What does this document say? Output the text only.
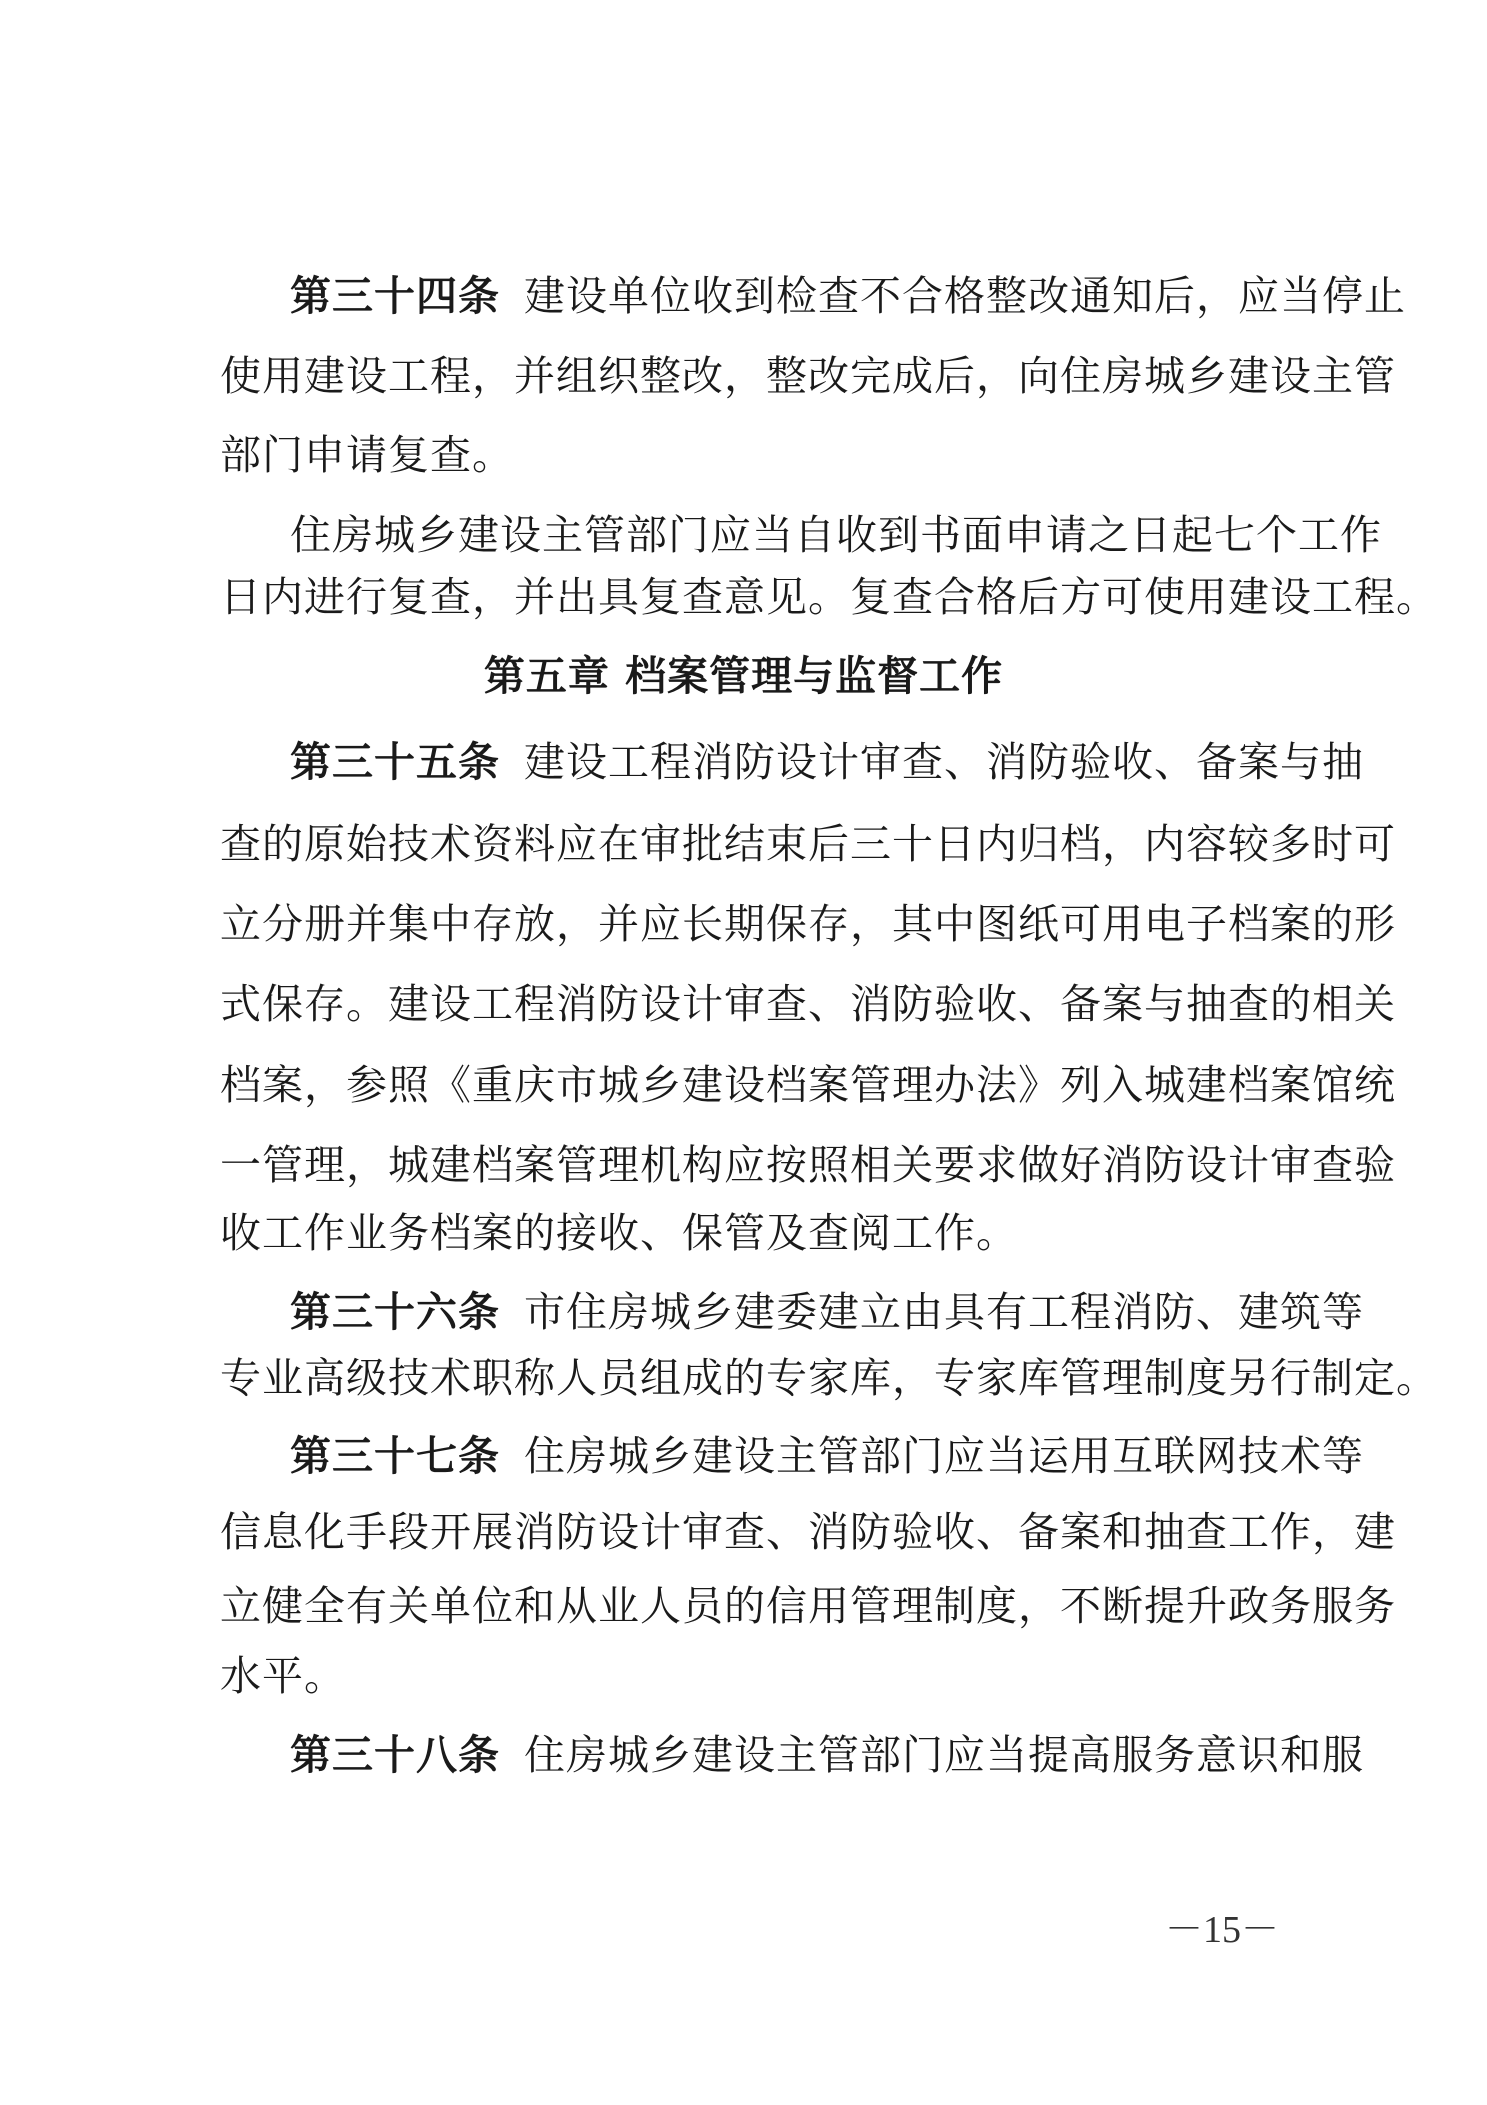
第三十四条 建设单位收到检查不合格整改通知后，应当停止
使用建设工程，并组织整改，整改完成后，向住房城乡建设主管
部门申请复查。
住房城乡建设主管部门应当自收到书面申请之日起七个工作
日内进行复查，并出具复查意见。复查合格后方可使用建设工程。
第五章 档案管理与监督工作
第三十五条 建设工程消防设计审查、消防验收、备案与抽
查的原始技术资料应在审批结束后三十日内归档，内容较多时可
立分册并集中存放，并应长期保存，其中图纸可用电子档案的形
式保存。建设工程消防设计审查、消防验收、备案与抽查的相关
档案，参照《重庆市城乡建设档案管理办法》列入城建档案馆统
一管理，城建档案管理机构应按照相关要求做好消防设计审查验
收工作业务档案的接收、保管及查阅工作。
第三十六条 市住房城乡建委建立由具有工程消防、建筑等
专业高级技术职称人员组成的专家库，专家库管理制度另行制定。
第三十七条 住房城乡建设主管部门应当运用互联网技术等
信息化手段开展消防设计审查、消防验收、备案和抽查工作，建
立健全有关单位和从业人员的信用管理制度，不断提升政务服务
水平。
第三十八条 住房城乡建设主管部门应当提高服务意识和服
－15－
